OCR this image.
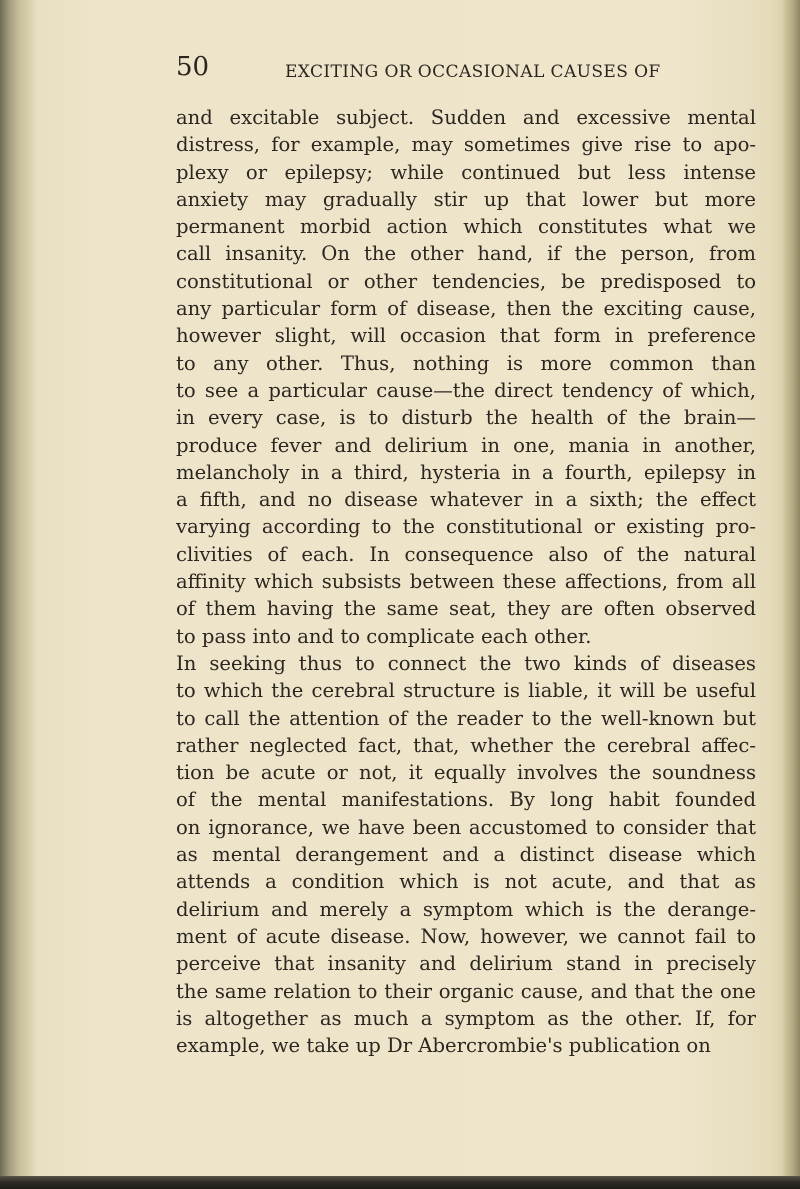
50	EXCITING OR OCCASIONAL CAUSES OF
and excitable subject. Sudden and excessive mental
distress, for example, may sometimes give rise to apo-
plexy or epilepsy; while continued but less intense
anxiety may gradually stir up that lower but more
permanent morbid action which constitutes what we
call insanity. On the other hand, if the person, from
constitutional or other tendencies, be predisposed to
any particular form of disease, then the exciting cause,
however slight, will occasion that form in preference
to any other. Thus, nothing is more common than
to see a particular cause—the direct tendency of which,
in every case, is to disturb the health of the brain—
produce fever and delirium in one, mania in another,
melancholy in a third, hysteria in a fourth, epilepsy in
a fifth, and no disease whatever in a sixth; the effect
varying according to the constitutional or existing pro-
clivities of each. In consequence also of the natural
affinity which subsists between these affections, from all
of them having the same seat, they are often observed
to pass into and to complicate each other.
In seeking thus to connect the two kinds of diseases
to which the cerebral structure is liable, it will be useful
to call the attention of the reader to the well-known but
rather neglected fact, that, whether the cerebral affec-
tion be acute or not, it equally involves the soundness
of the mental manifestations. By long habit founded
on ignorance, we have been accustomed to consider that
as mental derangement and a distinct disease which
attends a condition which is not acute, and that as
delirium and merely a symptom which is the derange-
ment of acute disease. Now, however, we cannot fail to
perceive that insanity and delirium stand in precisely
the same relation to their organic cause, and that the one
is altogether as much a symptom as the other. If, for
example, we take up Dr Abercrombie's publication on
